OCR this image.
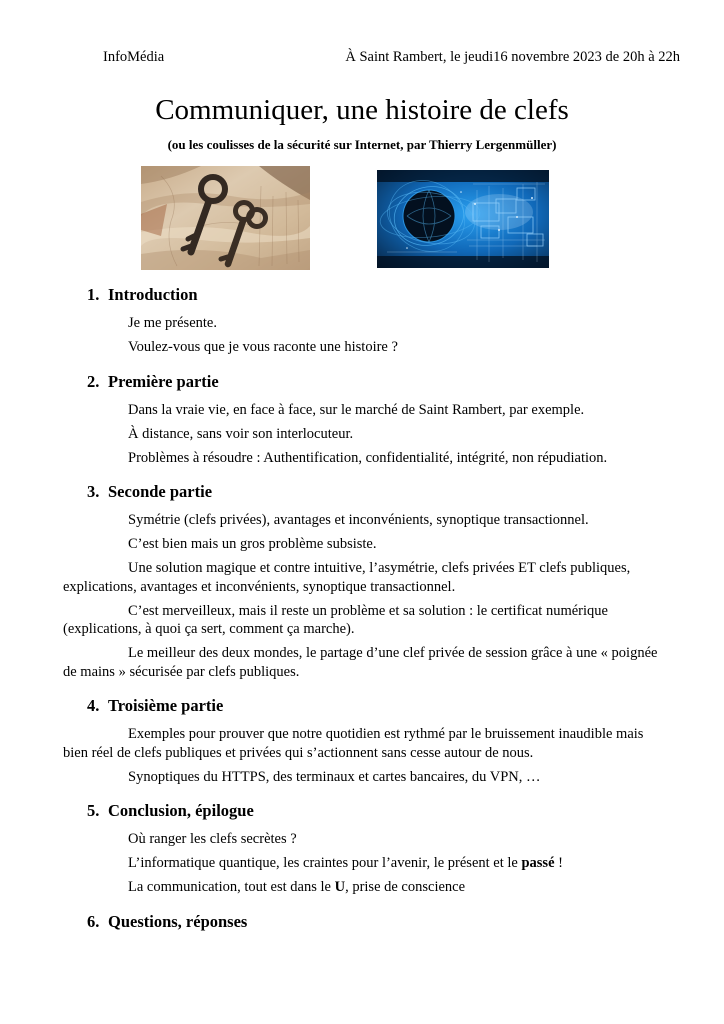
InfoMédia	À Saint Rambert, le jeudi16 novembre 2023 de 20h à 22h
Communiquer, une histoire de clefs
(ou les coulisses de la sécurité sur Internet, par Thierry Lergenmüller)
1. Introduction

Je me présente.

Voulez-vous que je vous raconte une histoire ?

2. Première partie

Dans la vraie vie, en face à face, sur le marché de Saint Rambert, par exemple.

À distance, sans voir son interlocuteur.

Problèmes à résoudre : Authentification, confidentialité, intégrité, non répudiation.

3. Seconde partie

Symétrie (clefs privées), avantages et inconvénients, synoptique transactionnel.

C’est bien mais un gros problème subsiste.

Une solution magique et contre intuitive, l’asymétrie, clefs privées ET clefs publiques, explications, avantages et inconvénients, synoptique transactionnel.

C’est merveilleux, mais il reste un problème et sa solution : le certificat numérique (explications, à quoi ça sert, comment ça marche).

Le meilleur des deux mondes, le partage d’une clef privée de session grâce à une « poignée de mains » sécurisée par clefs publiques.

4. Troisième partie

Exemples pour prouver que notre quotidien est rythmé par le bruissement inaudible mais bien réel de clefs publiques et privées qui s’actionnent sans cesse autour de nous.

Synoptiques du HTTPS, des terminaux et cartes bancaires, du VPN, …

5. Conclusion, épilogue

Où ranger les clefs secrètes ?

L’informatique quantique, les craintes pour l’avenir, le présent et le passé !

La communication, tout est dans le U, prise de conscience

6. Questions, réponses
